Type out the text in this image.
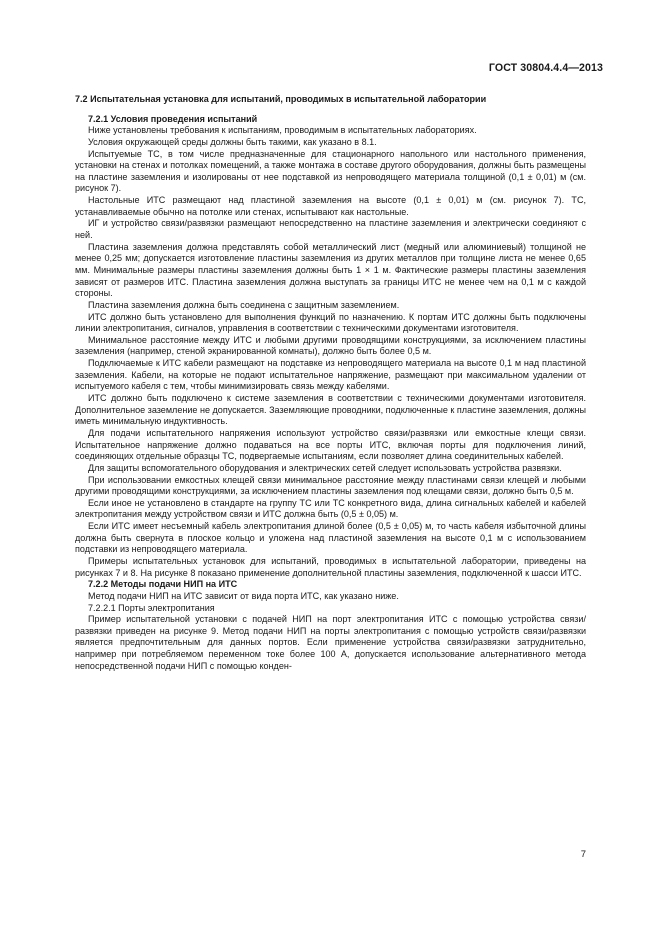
ГОСТ 30804.4.4—2013

7.2 Испытательная установка для испытаний, проводимых в испытательной лаборатории

7.2.1 Условия проведения испытаний

Ниже установлены требования к испытаниям, проводимым в испытательных лабораториях.

Условия окружающей среды должны быть такими, как указано в 8.1.

Испытуемые ТС, в том числе предназначенные для стационарного напольного или настольного применения, установки на стенах и потолках помещений, а также монтажа в составе другого оборудования, должны быть размещены на пластине заземления и изолированы от нее подставкой из непроводящего материала толщиной (0,1 ± 0,01) м (см. рисунок 7).

Настольные ИТС размещают над пластиной заземления на высоте (0,1 ± 0,01) м (см. рисунок 7). ТС, устанавливаемые обычно на потолке или стенах, испытывают как настольные.

ИГ и устройство связи/развязки размещают непосредственно на пластине заземления и электрически соединяют с ней.

Пластина заземления должна представлять собой металлический лист (медный или алюминиевый) толщиной не менее 0,25 мм; допускается изготовление пластины заземления из других металлов при толщине листа не менее 0,65 мм. Минимальные размеры пластины заземления должны быть 1 × 1 м. Фактические размеры пластины заземления зависят от размеров ИТС. Пластина заземления должна выступать за границы ИТС не менее чем на 0,1 м с каждой стороны.

Пластина заземления должна быть соединена с защитным заземлением.

ИТС должно быть установлено для выполнения функций по назначению. К портам ИТС должны быть подключены линии электропитания, сигналов, управления в соответствии с техническими документами изготовителя.

Минимальное расстояние между ИТС и любыми другими проводящими конструкциями, за исключением пластины заземления (например, стеной экранированной комнаты), должно быть более 0,5 м.

Подключаемые к ИТС кабели размещают на подставке из непроводящего материала на высоте 0,1 м над пластиной заземления. Кабели, на которые не подают испытательное напряжение, размещают при максимальном удалении от испытуемого кабеля с тем, чтобы минимизировать связь между кабелями.

ИТС должно быть подключено к системе заземления в соответствии с техническими документами изготовителя. Дополнительное заземление не допускается. Заземляющие проводники, подключенные к пластине заземления, должны иметь минимальную индуктивность.

Для подачи испытательного напряжения используют устройство связи/развязки или емкостные клещи связи. Испытательное напряжение должно подаваться на все порты ИТС, включая порты для подключения линий, соединяющих отдельные образцы ТС, подвергаемые испытаниям, если позволяет длина соединительных кабелей.

Для защиты вспомогательного оборудования и электрических сетей следует использовать устройства развязки.

При использовании емкостных клещей связи минимальное расстояние между пластинами связи клещей и любыми другими проводящими конструкциями, за исключением пластины заземления под клещами связи, должно быть 0,5 м.

Если иное не установлено в стандарте на группу ТС или ТС конкретного вида, длина сигнальных кабелей и кабелей электропитания между устройством связи и ИТС должна быть (0,5 ± 0,05) м.

Если ИТС имеет несъемный кабель электропитания длиной более (0,5 ± 0,05) м, то часть кабеля избыточной длины должна быть свернута в плоское кольцо и уложена над пластиной заземления на высоте 0,1 м с использованием подставки из непроводящего материала.

Примеры испытательных установок для испытаний, проводимых в испытательной лаборатории, приведены на рисунках 7 и 8. На рисунке 8 показано применение дополнительной пластины заземления, подключенной к шасси ИТС.

7.2.2 Методы подачи НИП на ИТС

Метод подачи НИП на ИТС зависит от вида порта ИТС, как указано ниже.

7.2.2.1 Порты электропитания

Пример испытательной установки с подачей НИП на порт электропитания ИТС с помощью устройства связи/развязки приведен на рисунке 9. Метод подачи НИП на порты электропитания с помощью устройств связи/развязки является предпочтительным для данных портов. Если применение устройства связи/развязки затруднительно, например при потребляемом переменном токе более 100 А, допускается использование альтернативного метода непосредственной подачи НИП с помощью конден-

7
